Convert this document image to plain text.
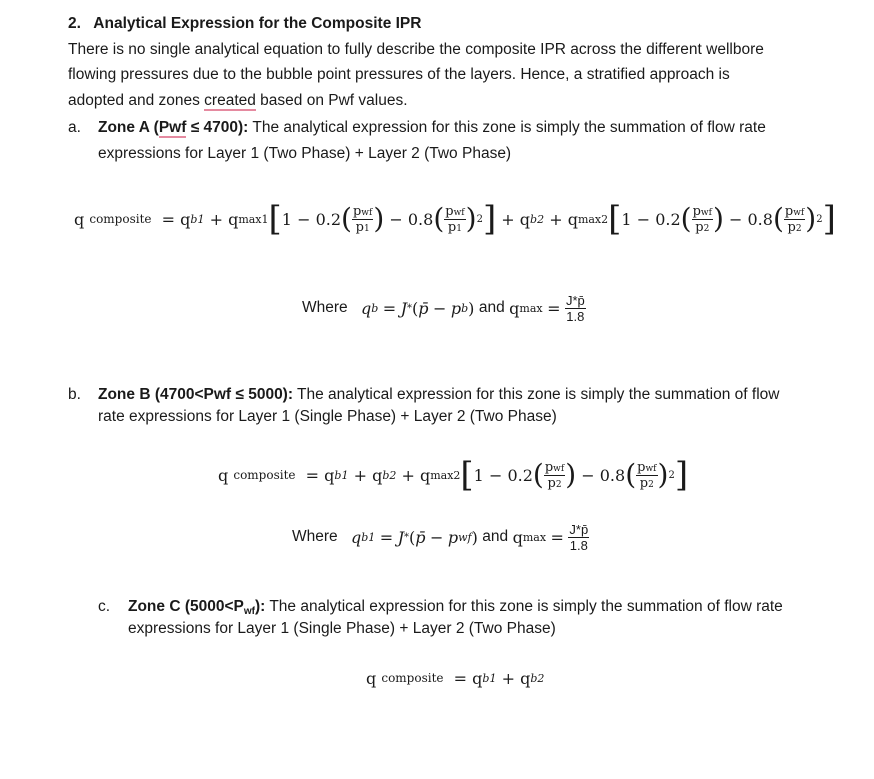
2. Analytical Expression for the Composite IPR
There is no single analytical equation to fully describe the composite IPR across the different wellbore
flowing pressures due to the bubble point pressures of the layers. Hence, a stratified approach is
adopted and zones created based on Pwf values.
a. Zone A (Pwf ≤ 4700): The analytical expression for this zone is simply the summation of flow rate
expressions for Layer 1 (Two Phase) + Layer 2 (Two Phase)
q
composite
=
q b1
+
q max1 [ 1
−
0.2 ( $\frac{\text{pwf}}{p1}$ )
−
0.8 ( $\frac{\text{pwf}}{p1}$ ) 2 ]
+
q b2
+
q max2 [ 1
−
0.2 ( $\frac{\text{pwf}}{p2}$ )
−
0.8 ( $\frac{\text{pwf}}{p2}$ ) 2 ]
Where
q b
=
J * ( p̄
−
p b )
and
q max
=
$\frac{J*p̄}{1.8}$
b. Zone B (4700<Pwf ≤ 5000): The analytical expression for this zone is simply the summation of flow
rate expressions for Layer 1 (Single Phase) + Layer 2 (Two Phase)
q
composite
=
q b1
+
q b2
+
q max2 [ 1
−
0.2 ( $\frac{\text{pwf}}{p2}$ )
−
0.8 ( $\frac{\text{pwf}}{p2}$ ) 2 ]
Where
q b1
=
J * ( p̄
−
p wf )
and
q max
=
$\frac{J*p̄}{1.8}$
c. Zone C (5000<Pwf): The analytical expression for this zone is simply the summation of flow rate
expressions for Layer 1 (Single Phase) + Layer 2 (Two Phase)
q
composite
=
q b1
+
q b2
